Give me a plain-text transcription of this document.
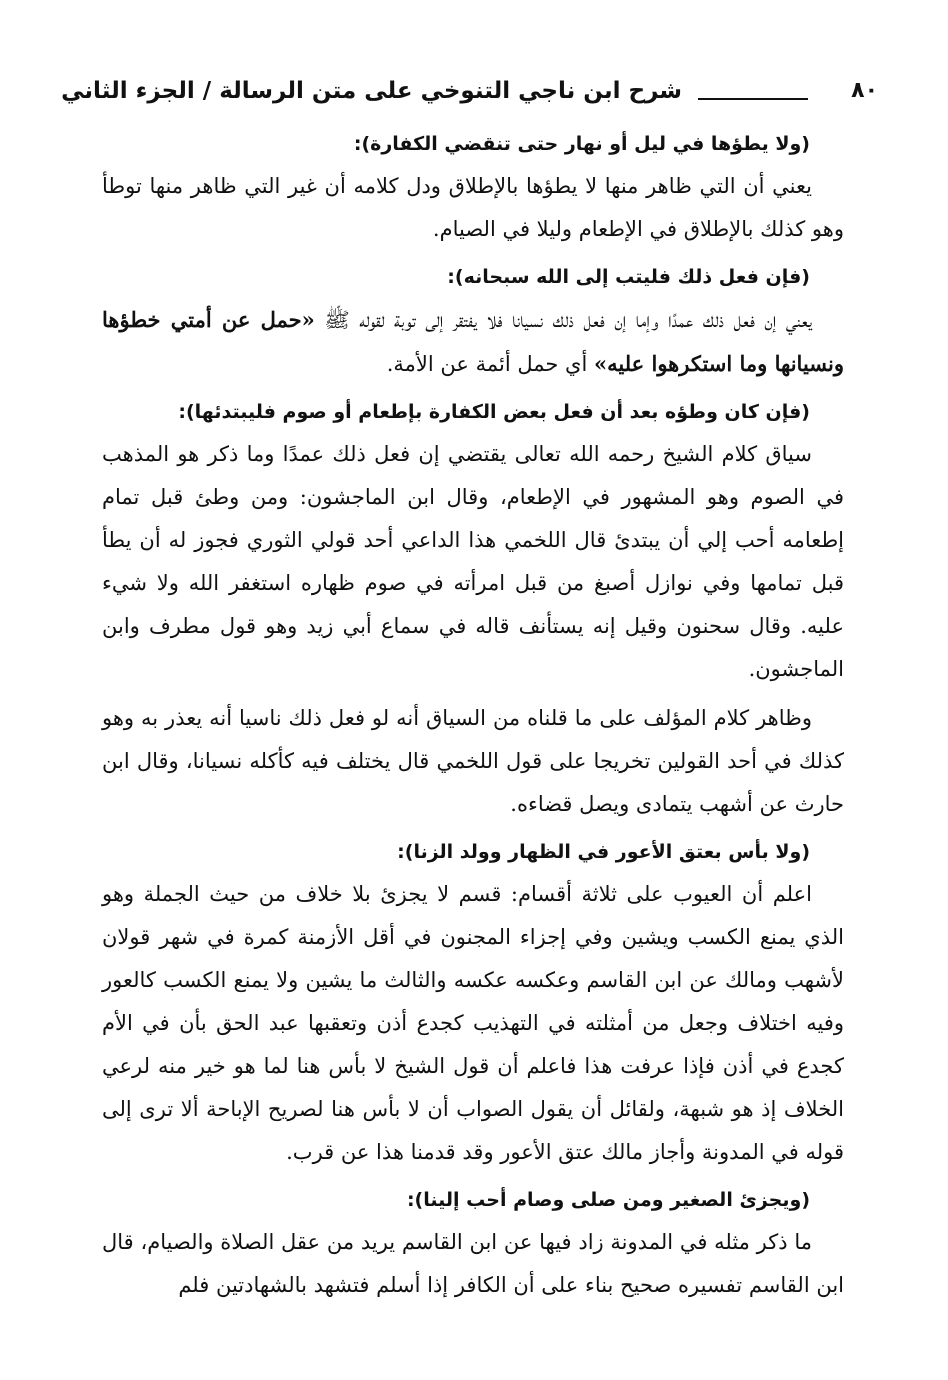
٨٠
شرح ابن ناجي التنوخي على متن الرسالة / الجزء الثاني

(ولا يطؤها في ليل أو نهار حتى تنقضي الكفارة):

يعني أن التي ظاهر منها لا يطؤها بالإطلاق ودل كلامه أن غير التي ظاهر منها توطأ وهو كذلك بالإطلاق في الإطعام وليلا في الصيام.

(فإن فعل ذلك فليتب إلى الله سبحانه):

يعني إن فعل ذلك عمدًا وإما إن فعل ذلك نسيانا فلا يفتقر إلى توبة لقوله ﷺ «حمل عن أمتي خطؤها ونسيانها وما استكرهوا عليه» أي حمل أئمة عن الأمة.

(فإن كان وطؤه بعد أن فعل بعض الكفارة بإطعام أو صوم فليبتدئها):

سياق كلام الشيخ رحمه الله تعالى يقتضي إن فعل ذلك عمدًا وما ذكر هو المذهب في الصوم وهو المشهور في الإطعام، وقال ابن الماجشون: ومن وطئ قبل تمام إطعامه أحب إلي أن يبتدئ قال اللخمي هذا الداعي أحد قولي الثوري فجوز له أن يطأ قبل تمامها وفي نوازل أصبغ من قبل امرأته في صوم ظهاره استغفر الله ولا شيء عليه. وقال سحنون وقيل إنه يستأنف قاله في سماع أبي زيد وهو قول مطرف وابن الماجشون.

وظاهر كلام المؤلف على ما قلناه من السياق أنه لو فعل ذلك ناسيا أنه يعذر به وهو كذلك في أحد القولين تخريجا على قول اللخمي قال يختلف فيه كأكله نسيانا، وقال ابن حارث عن أشهب يتمادى ويصل قضاءه.

(ولا بأس بعتق الأعور في الظهار وولد الزنا):

اعلم أن العيوب على ثلاثة أقسام: قسم لا يجزئ بلا خلاف من حيث الجملة وهو الذي يمنع الكسب ويشين وفي إجزاء المجنون في أقل الأزمنة كمرة في شهر قولان لأشهب ومالك عن ابن القاسم وعكسه عكسه والثالث ما يشين ولا يمنع الكسب كالعور وفيه اختلاف وجعل من أمثلته في التهذيب كجدع أذن وتعقبها عبد الحق بأن في الأم كجدع في أذن فإذا عرفت هذا فاعلم أن قول الشيخ لا بأس هنا لما هو خير منه لرعي الخلاف إذ هو شبهة، ولقائل أن يقول الصواب أن لا بأس هنا لصريح الإباحة ألا ترى إلى قوله في المدونة وأجاز مالك عتق الأعور وقد قدمنا هذا عن قرب.

(ويجزئ الصغير ومن صلى وصام أحب إلينا):

ما ذكر مثله في المدونة زاد فيها عن ابن القاسم يريد من عقل الصلاة والصيام، قال ابن القاسم تفسيره صحيح بناء على أن الكافر إذا أسلم فتشهد بالشهادتين فلم
